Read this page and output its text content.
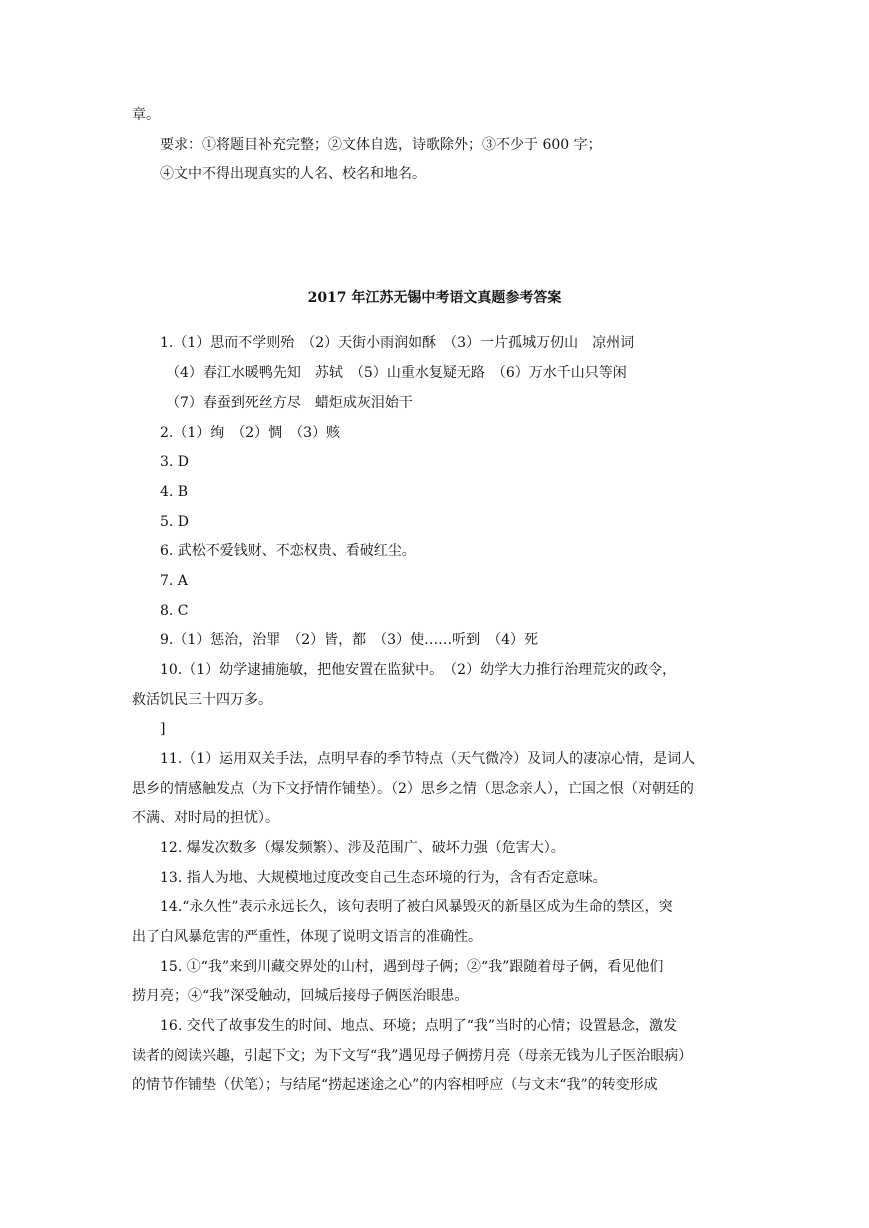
章。
要求：①将题目补充完整；②文体自选，诗歌除外；③不少于 600 字；
④文中不得出现真实的人名、校名和地名。
2017 年江苏无锡中考语文真题参考答案
1.（1）思而不学则殆　（2）天街小雨润如酥　（3）一片孤城万仞山　凉州词
（4）春江水暖鸭先知　苏轼　（5）山重水复疑无路　（6）万水千山只等闲
（7）春蚕到死丝方尽　蜡炬成灰泪始干
2.（1）绚　（2）惆　（3）赅
3. D
4. B
5. D
6. 武松不爱钱财、不恋权贵、看破红尘。
7. A
8. C
9.（1）惩治，治罪　（2）皆，都　（3）使……听到　（4）死
10.（1）幼学逮捕施敏，把他安置在监狱中。　（2）幼学大力推行治理荒灾的政令，
救活饥民三十四万多。
]
11.（1）运用双关手法，点明早春的季节特点（天气微冷）及词人的凄凉心情，是词人
思乡的情感触发点（为下文抒情作铺垫）。（2）思乡之情（思念亲人），亡国之恨（对朝廷的
不满、对时局的担忧）。
12. 爆发次数多（爆发频繁）、涉及范围广、破坏力强（危害大）。
13. 指人为地、大规模地过度改变自己生态环境的行为，含有否定意味。
14.“永久性”表示永远长久，该句表明了被白风暴毁灭的新垦区成为生命的禁区，突
出了白风暴危害的严重性，体现了说明文语言的准确性。
15. ①“我”来到川藏交界处的山村，遇到母子俩；②“我”跟随着母子俩，看见他们
捞月亮；④“我”深受触动，回城后接母子俩医治眼患。
16. 交代了故事发生的时间、地点、环境；点明了“我”当时的心情；设置悬念，激发
读者的阅读兴趣，引起下文；为下文写“我”遇见母子俩捞月亮（母亲无钱为儿子医治眼病）
的情节作铺垫（伏笔）；与结尾“捞起迷途之心”的内容相呼应（与文末“我”的转变形成
